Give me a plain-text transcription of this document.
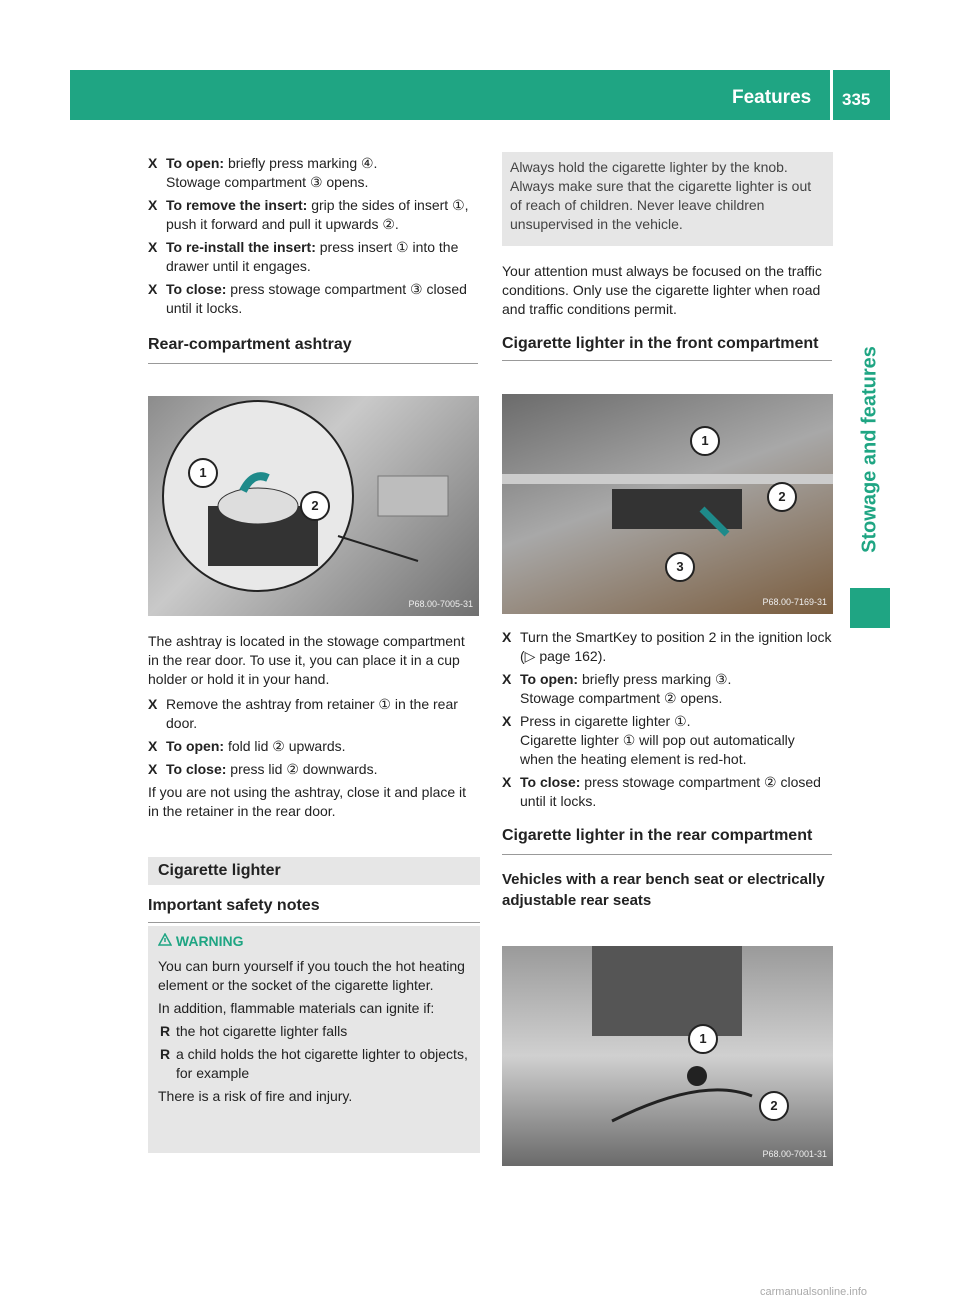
Features 335
Stowage and features
X To open: briefly press marking ④.
Stowage compartment ③ opens.
X To remove the insert: grip the sides of insert ①, push it forward and pull it upwards ②.
X To re-install the insert: press insert ① into the drawer until it engages.
X To close: press stowage compartment ③ closed until it locks.
Rear-compartment ashtray
1
2
P68.00-7005-31
The ashtray is located in the stowage compartment in the rear door. To use it, you can place it in a cup holder or hold it in your hand.
X Remove the ashtray from retainer ① in the rear door.
X To open: fold lid ② upwards.
X To close: press lid ② downwards.
If you are not using the ashtray, close it and place it in the retainer in the rear door.
Cigarette lighter
Important safety notes
WARNING
You can burn yourself if you touch the hot heating element or the socket of the cigarette lighter.
In addition, flammable materials can ignite if:
R the hot cigarette lighter falls
R a child holds the hot cigarette lighter to objects, for example
There is a risk of fire and injury.
Always hold the cigarette lighter by the knob. Always make sure that the cigarette lighter is out of reach of children. Never leave children unsupervised in the vehicle.
Your attention must always be focused on the traffic conditions. Only use the cigarette lighter when road and traffic conditions permit.
Cigarette lighter in the front compartment
1
2
3
P68.00-7169-31
X Turn the SmartKey to position 2 in the ignition lock (▷ page 162).
X To open: briefly press marking ③.
Stowage compartment ② opens.
X Press in cigarette lighter ①.
Cigarette lighter ① will pop out automatically when the heating element is red-hot.
X To close: press stowage compartment ② closed until it locks.
Cigarette lighter in the rear compartment
Vehicles with a rear bench seat or electrically adjustable rear seats
1
2
P68.00-7001-31
carmanualsonline.info
